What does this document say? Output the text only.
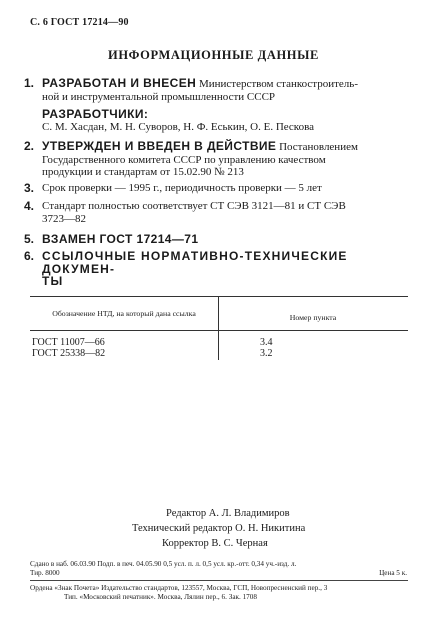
С. 6 ГОСТ 17214—90
ИНФОРМАЦИОННЫЕ ДАННЫЕ
1. РАЗРАБОТАН И ВНЕСЕН Министерством станкостроитель-
ной и инструментальной промышленности СССР
РАЗРАБОТЧИКИ:
С. М. Хасдан, М. Н. Суворов, Н. Ф. Еськин, О. Е. Пескова
2. УТВЕРЖДЕН И ВВЕДЕН В ДЕЙСТВИЕ Постановлением
Государственного комитета СССР по управлению качеством
продукции и стандартам от 15.02.90 № 213
3. Срок проверки — 1995 г., периодичность проверки — 5 лет
4. Стандарт полностью соответствует СТ СЭВ 3121—81 и СТ СЭВ
3723—82
5. ВЗАМЕН ГОСТ 17214—71
6. ССЫЛОЧНЫЕ НОРМАТИВНО-ТЕХНИЧЕСКИЕ ДОКУМЕН-
ТЫ
Обозначение НТД, на который дана ссылка	Номер пункта
ГОСТ 11007—66	3.4
ГОСТ 25338—82	3.2
Редактор А. Л. Владимиров
Технический редактор О. Н. Никитина
Корректор В. С. Черная
Сдано в наб. 06.03.90 Подп. в печ. 04.05.90 0,5 усл. п. л. 0,5 усл. кр.-отт. 0,34 уч.-изд. л.
Тир. 8000	Цена 5 к.
Ордена «Знак Почета» Издательство стандартов, 123557, Москва, ГСП, Новопресненский пер., 3
Тип. «Московский печатник». Москва, Лялин пер., 6. Зак. 1708
